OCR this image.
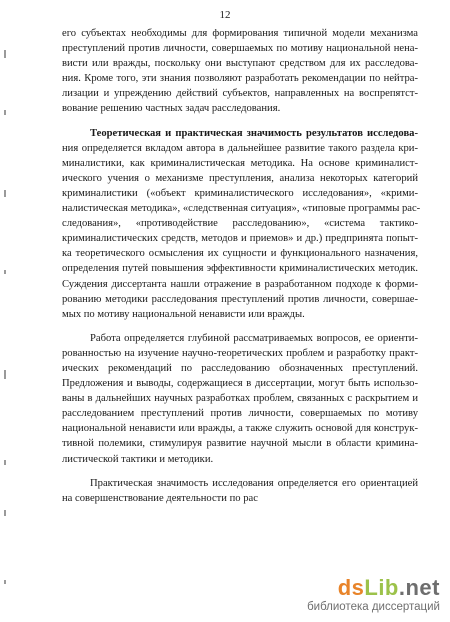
12
его субъектах необходимы для формирования типичной модели механизма
преступлений против личности, совершаемых по мотиву национальной нена-
висти или вражды, поскольку они выступают средством для их расследова-
ния. Кроме того, эти знания позволяют разработать рекомендации по нейтра-
лизации и упреждению действий субъектов, направленных на воспрепятст-
вование решению частных задач расследования.
Теоретическая и практическая значимость результатов исследова-
ния определяется вкладом автора в дальнейшее развитие такого раздела кри-
миналистики, как криминалистическая методика. На основе криминалист-
ического учения о механизме преступления, анализа некоторых категорий
криминалистики («объект криминалистического исследования», «крими-
налистическая методика», «следственная ситуация», «типовые программы рас-
следования», «противодействие расследованию», «система тактико-
криминалистических средств, методов и приемов» и др.) предпринята попыт-
ка теоретического осмысления их сущности и функционального назначения,
определения путей повышения эффективности криминалистических методик.
Суждения диссертанта нашли отражение в разработанном подходе к форми-
рованию методики расследования преступлений против личности, совершае-
мых по мотиву национальной ненависти или вражды.
Работа определяется глубиной рассматриваемых вопросов, ее ориенти-
рованностью на изучение научно-теоретических проблем и разработку практ-
ических рекомендаций по расследованию обозначенных преступлений.
Предложения и выводы, содержащиеся в диссертации, могут быть использо-
ваны в дальнейших научных разработках проблем, связанных с раскрытием и
расследованием преступлений против личности, совершаемых по мотиву
национальной ненависти или вражды, а также служить основой для конструк-
тивной полемики, стимулируя развитие научной мысли в области кримина-
листической тактики и методики.
Практическая значимость исследования определяется его ориентацией
на совершенствование деятельности по рас
dsLib.net
библиотека диссертаций
